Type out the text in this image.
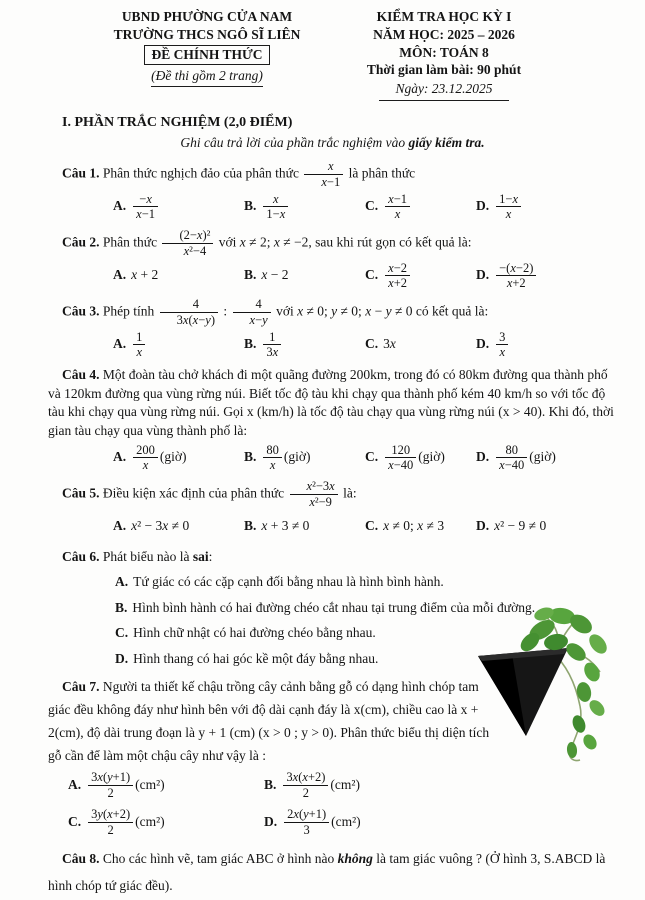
UBND PHƯỜNG CỬA NAM
TRƯỜNG THCS NGÔ SĨ LIÊN
ĐỀ CHÍNH THỨC
(Đề thi gồm 2 trang)
KIỂM TRA HỌC KỲ I
NĂM HỌC: 2025 – 2026
MÔN: TOÁN 8
Thời gian làm bài: 90 phút
Ngày: 23.12.2025
I. PHẦN TRẮC NGHIỆM (2,0 ĐIỂM)
Ghi câu trả lời của phần trắc nghiệm vào giấy kiểm tra.

Câu 1. Phân thức nghịch đảo của phân thức $\frac{x}{x-1}$ là phân thức

A. $\frac{-x}{x-1}$	B. $\frac{x}{1-x}$	C. $\frac{x-1}{x}$	D. $\frac{1-x}{x}$

Câu 2. Phân thức $\frac{\text{(2−x)²}}{\text{x²−4}}$ với x ≠ 2; x ≠ −2, sau khi rút gọn có kết quả là:

A. x + 2	B. x − 2	C. $\frac{x-2}{x+2}$	D. $\frac{-(x-2)}{x+2}$

Câu 3. Phép tính $\frac{4}{3x(x-y)}$ : $\frac{4}{x-y}$ với x ≠ 0; y ≠ 0; x − y ≠ 0 có kết quả là:

A. $\frac{1}{x}$	B. $\frac{1}{3x}$	C. 3x	D. $\frac{3}{x}$

Câu 4. Một đoàn tàu chở khách đi một quãng đường 200km, trong đó có 80km đường qua thành phố và 120km đường qua vùng rừng núi. Biết tốc độ tàu khi chạy qua thành phố kém 40 km/h so với tốc độ tàu khi chạy qua vùng rừng núi. Gọi x (km/h) là tốc độ tàu chạy qua vùng rừng núi (x > 40). Khi đó, thời gian tàu chạy qua vùng thành phố là:

A. $\frac{200}{x}$ (giờ)	B. $\frac{80}{x}$ (giờ)	C. $\frac{120}{x-40}$ (giờ) D. $\frac{80}{x-40}$ (giờ)

Câu 5. Điều kiện xác định của phân thức $\frac{\text{x²−3x}}{\text{x²−9}}$ là:

A. x² − 3x ≠ 0	B. x + 3 ≠ 0	C. x ≠ 0; x ≠ 3 D. x² − 9 ≠ 0

Câu 6. Phát biểu nào là sai:

A. Tứ giác có các cặp cạnh đối bằng nhau là hình bình hành.
B. Hình bình hành có hai đường chéo cắt nhau tại trung điểm của mỗi đường.
C. Hình chữ nhật có hai đường chéo bằng nhau.
D. Hình thang có hai góc kề một đáy bằng nhau.

Câu 7. Người ta thiết kế chậu trồng cây cảnh bằng gỗ có dạng hình chóp tam giác đều không đáy như hình bên với độ dài cạnh đáy là x(cm), chiều cao là x + 2(cm), độ dài trung đoạn là y + 1 (cm) (x > 0 ; y > 0). Phân thức biểu thị diện tích gỗ cần để làm một chậu cây như vậy là :

A. $\frac{3x(y+1)}{2} (cm^2)$	B. $\frac{3x(x+2)}{2} (cm^2)$
C. $\frac{3y(x+2)}{2} (cm^2)$	D. $\frac{2x(y+1)}{3} (cm^2)$

Câu 8. Cho các hình vẽ, tam giác ABC ở hình nào không là tam giác vuông ? (Ở hình 3, S.ABCD là hình chóp tứ giác đều).
